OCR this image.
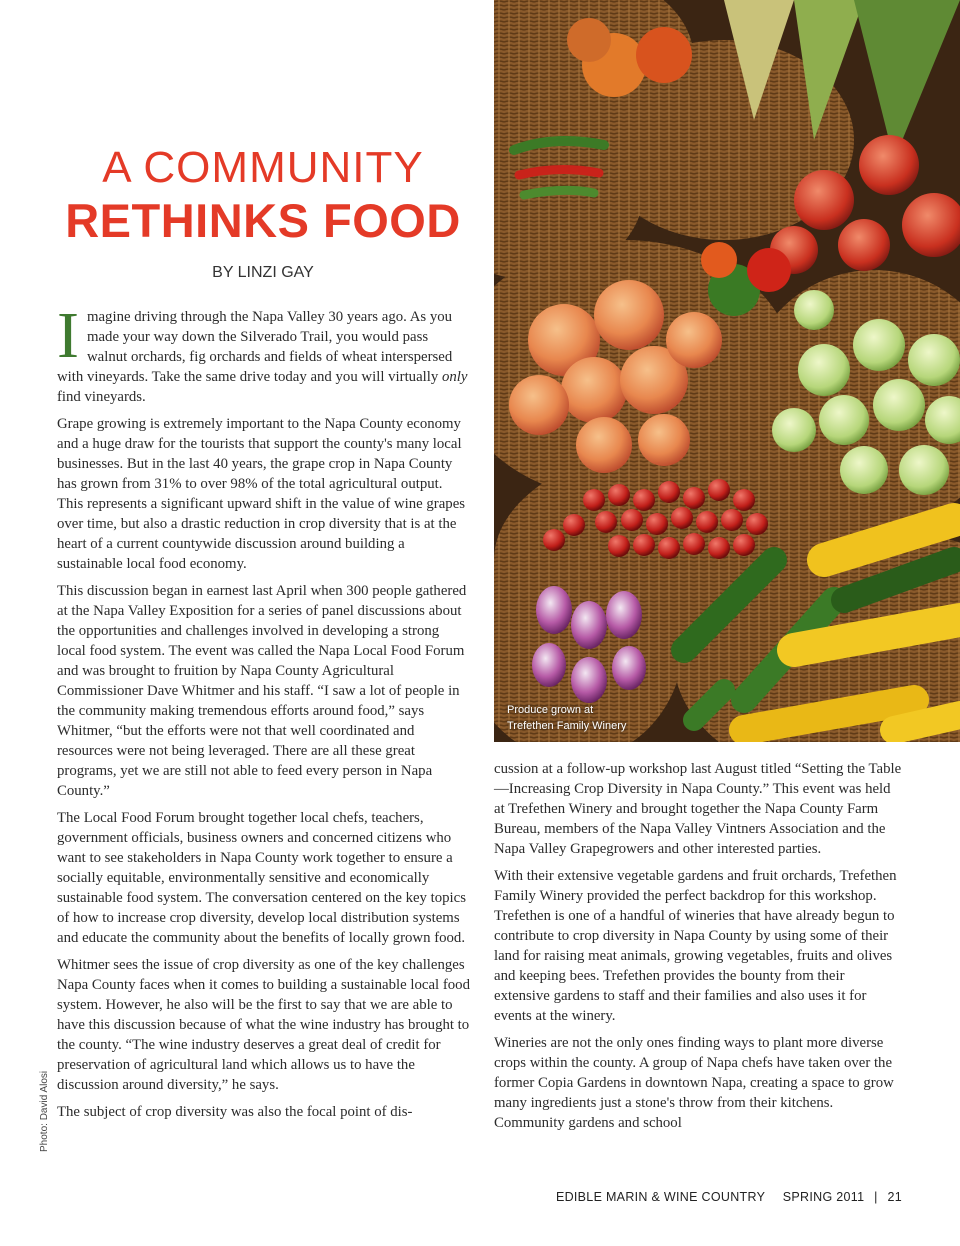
Produce grown at
Trefethen Family Winery
A COMMUNITY
RETHINKS FOOD
BY LINZI GAY

Imagine driving through the Napa Valley 30 years ago. As you made your way down the Silverado Trail, you would pass walnut orchards, fig orchards and fields of wheat interspersed with vineyards. Take the same drive today and you will virtually only find vineyards.

Grape growing is extremely important to the Napa County economy and a huge draw for the tourists that support the county's many local businesses. But in the last 40 years, the grape crop in Napa County has grown from 31% to over 98% of the total agricultural output. This represents a significant upward shift in the value of wine grapes over time, but also a drastic reduction in crop diversity that is at the heart of a current countywide discussion around building a sustainable local food economy.

This discussion began in earnest last April when 300 people gathered at the Napa Valley Exposition for a series of panel discussions about the opportunities and challenges involved in developing a strong local food system. The event was called the Napa Local Food Forum and was brought to fruition by Napa County Agricultural Commissioner Dave Whitmer and his staff. “I saw a lot of people in the community making tremendous efforts around food,” says Whitmer, “but the efforts were not that well coordinated and resources were not being leveraged. There are all these great programs, yet we are still not able to feed every person in Napa County.”

The Local Food Forum brought together local chefs, teachers, government officials, business owners and concerned citizens who want to see stakeholders in Napa County work together to ensure a socially equitable, environmentally sensitive and economically sustainable food system. The conversation centered on the key topics of how to increase crop diversity, develop local distribution systems and educate the community about the benefits of locally grown food.

Whitmer sees the issue of crop diversity as one of the key challenges Napa County faces when it comes to building a sustainable local food system. However, he also will be the first to say that we are able to have this discussion because of what the wine industry has brought to the county. “The wine industry deserves a great deal of credit for preservation of agricultural land which allows us to have the discussion around diversity,” he says.

The subject of crop diversity was also the focal point of dis-

cussion at a follow-up workshop last August titled “Setting the Table—Increasing Crop Diversity in Napa County.” This event was held at Trefethen Winery and brought together the Napa County Farm Bureau, members of the Napa Valley Vintners Association and the Napa Valley Grapegrowers and other interested parties.

With their extensive vegetable gardens and fruit orchards, Trefethen Family Winery provided the perfect backdrop for this workshop. Trefethen is one of a handful of wineries that have already begun to contribute to crop diversity in Napa County by using some of their land for raising meat animals, growing vegetables, fruits and olives and keeping bees. Trefethen provides the bounty from their extensive gardens to staff and their families and also uses it for events at the winery.

Wineries are not the only ones finding ways to plant more diverse crops within the county. A group of Napa chefs have taken over the former Copia Gardens in downtown Napa, creating a space to grow many ingredients just a stone's throw from their kitchens. Community gardens and school

Photo: David Alosi
EDIBLE MARIN & WINE COUNTRY SPRING 2011 | 21
